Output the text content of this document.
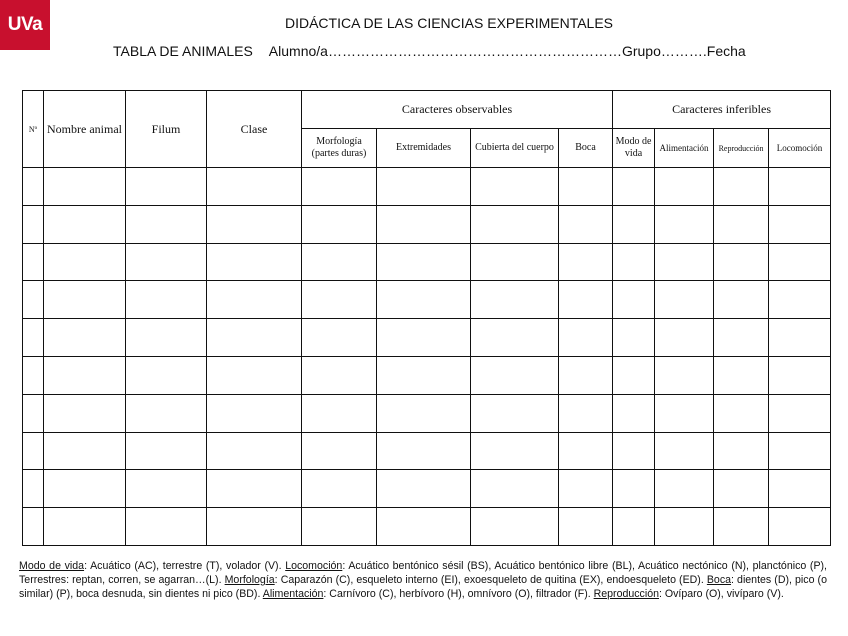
UVa	DIDÁCTICA DE LAS CIENCIAS EXPERIMENTALES
TABLA DE ANIMALES Alumno/a………………………………………………………Grupo……….Fecha
Nº	Nombre animal	Filum	Clase	Caracteres observables				Caracteres inferibles			
				Morfología (partes duras)	Extremidades	Cubierta del cuerpo	Boca	Modo de vida	Alimentación	Reproducción	Locomoción

Modo de vida: Acuático (AC), terrestre (T), volador (V). Locomoción: Acuático bentónico sésil (BS), Acuático bentónico libre (BL), Acuático nectónico (N), planctónico (P), Terrestres: reptan, corren, se agarran…(L). Morfología: Caparazón (C), esqueleto interno (EI), exoesqueleto de quitina (EX), endoesqueleto (ED). Boca: dientes (D), pico (o similar) (P), boca desnuda, sin dientes ni pico (BD). Alimentación: Carnívoro (C), herbívoro (H), omnívoro (O), filtrador (F). Reproducción: Ovíparo (O), vivíparo (V).
